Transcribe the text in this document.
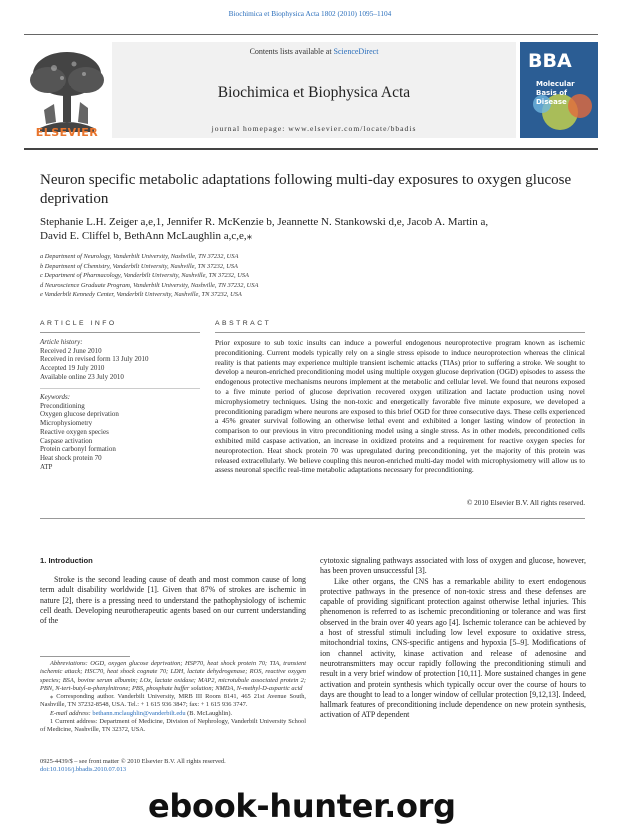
Biochimica et Biophysica Acta 1802 (2010) 1095–1104
ELSEVIER
Contents lists available at ScienceDirect
Biochimica et Biophysica Acta
journal homepage: www.elsevier.com/locate/bbadis
BBA
Molecular Basis of Disease
Neuron specific metabolic adaptations following multi-day exposures to oxygen glucose deprivation
Stephanie L.H. Zeiger a,e,1, Jennifer R. McKenzie b, Jeannette N. Stankowski d,e, Jacob A. Martin a,
David E. Cliffel b, BethAnn McLaughlin a,c,e,⁎
a Department of Neurology, Vanderbilt University, Nashville, TN 37232, USA
b Department of Chemistry, Vanderbilt University, Nashville, TN 37232, USA
c Department of Pharmacology, Vanderbilt University, Nashville, TN 37232, USA
d Neuroscience Graduate Program, Vanderbilt University, Nashville, TN 37232, USA
e Vanderbilt Kennedy Center, Vanderbilt University, Nashville, TN 37232, USA
ARTICLE INFO	ABSTRACT
Article history:
Received 2 June 2010
Received in revised form 13 July 2010
Accepted 19 July 2010
Available online 23 July 2010
Keywords:
Preconditioning
Oxygen glucose deprivation
Microphysiometry
Reactive oxygen species
Caspase activation
Protein carbonyl formation
Heat shock protein 70
ATP
Prior exposure to sub toxic insults can induce a powerful endogenous neuroprotective program known as ischemic preconditioning. Current models typically rely on a single stress episode to induce neuroprotection whereas the clinical reality is that patients may experience multiple transient ischemic attacks (TIAs) prior to suffering a stroke. We sought to develop a neuron-enriched preconditioning model using multiple oxygen glucose deprivation (OGD) episodes to assess the endogenous protective mechanisms neurons implement at the metabolic and cellular level. We found that neurons exposed to a five minute period of glucose deprivation recovered oxygen utilization and lactate production using novel microphysiometry techniques. Using the non-toxic and energetically favorable five minute exposure, we developed a preconditioning paradigm where neurons are exposed to this brief OGD for three consecutive days. These cells experienced a 45% greater survival following an otherwise lethal event and exhibited a longer lasting window of protection in comparison to our previous in vitro preconditioning model using a single stress. As in other models, preconditioned cells exhibited mild caspase activation, an increase in oxidized proteins and a requirement for reactive oxygen species for neuroprotection. Heat shock protein 70 was upregulated during preconditioning, yet the majority of this protein was released extracellularly. We believe coupling this neuron-enriched multi-day model with microphysiometry will allow us to assess neuronal specific real-time metabolic adaptations necessary for preconditioning.
© 2010 Elsevier B.V. All rights reserved.
1. Introduction
Stroke is the second leading cause of death and most common cause of long term adult disability worldwide [1]. Given that 87% of strokes are ischemic in nature [2], there is a pressing need to understand the pathophysiology of ischemic cell death. Developing neurotherapeutic agents based on our current understanding of the

cytotoxic signaling pathways associated with loss of oxygen and glucose, however, has been proven unsuccessful [3].

Like other organs, the CNS has a remarkable ability to exert endogenous protective pathways in the presence of non-toxic stress and these defenses are capable of providing significant protection against otherwise lethal injuries. This phenomenon is referred to as ischemic preconditioning or tolerance and was first observed in the brain over 40 years ago [4]. Ischemic tolerance can be achieved by a host of stressful stimuli including low level exposure to oxidative stress, mitochondrial toxins, CNS-specific antigens and hypoxia [5–9]. Modifications of ion channel activity, kinase activation and release of adenosine and neurotransmitters may occur rapidly following the preconditioning stimuli and result in a very brief window of protection [10,11]. More sustained changes in gene activation and protein synthesis which typically occur over the course of hours to days are thought to lead to a longer window of cellular protection [9,12,13]. Indeed, hallmark features of preconditioning include dependence on new protein synthesis, activation of ATP dependent

Abbreviations: OGD, oxygen glucose deprivation; HSP70, heat shock protein 70; TIA, transient ischemic attack; HSC70, heat shock cognate 70; LDH, lactate dehydrogenase; ROS, reactive oxygen species; BSA, bovine serum albumin; LOx, lactate oxidase; MAP2, microtubule associated protein 2; PBN, N-tert-butyl-α-phenylnitrone; PBS, phosphate buffer solution; NMDA, N-methyl-D-aspartic acid

⁎ Corresponding author. Vanderbilt University, MRB III Room 8141, 465 21st Avenue South, Nashville, TN 37232-8548, USA. Tel.: + 1 615 936 3847; fax: + 1 615 936 3747.

E-mail address: bethann.mclaughlin@vanderbilt.edu (B. McLaughlin).

1 Current address: Department of Medicine, Division of Nephrology, Vanderbilt University School of Medicine, Nashville, TN 32372, USA.

0925-4439/$ – see front matter © 2010 Elsevier B.V. All rights reserved.
doi:10.1016/j.bbadis.2010.07.013
ebook-hunter.org
